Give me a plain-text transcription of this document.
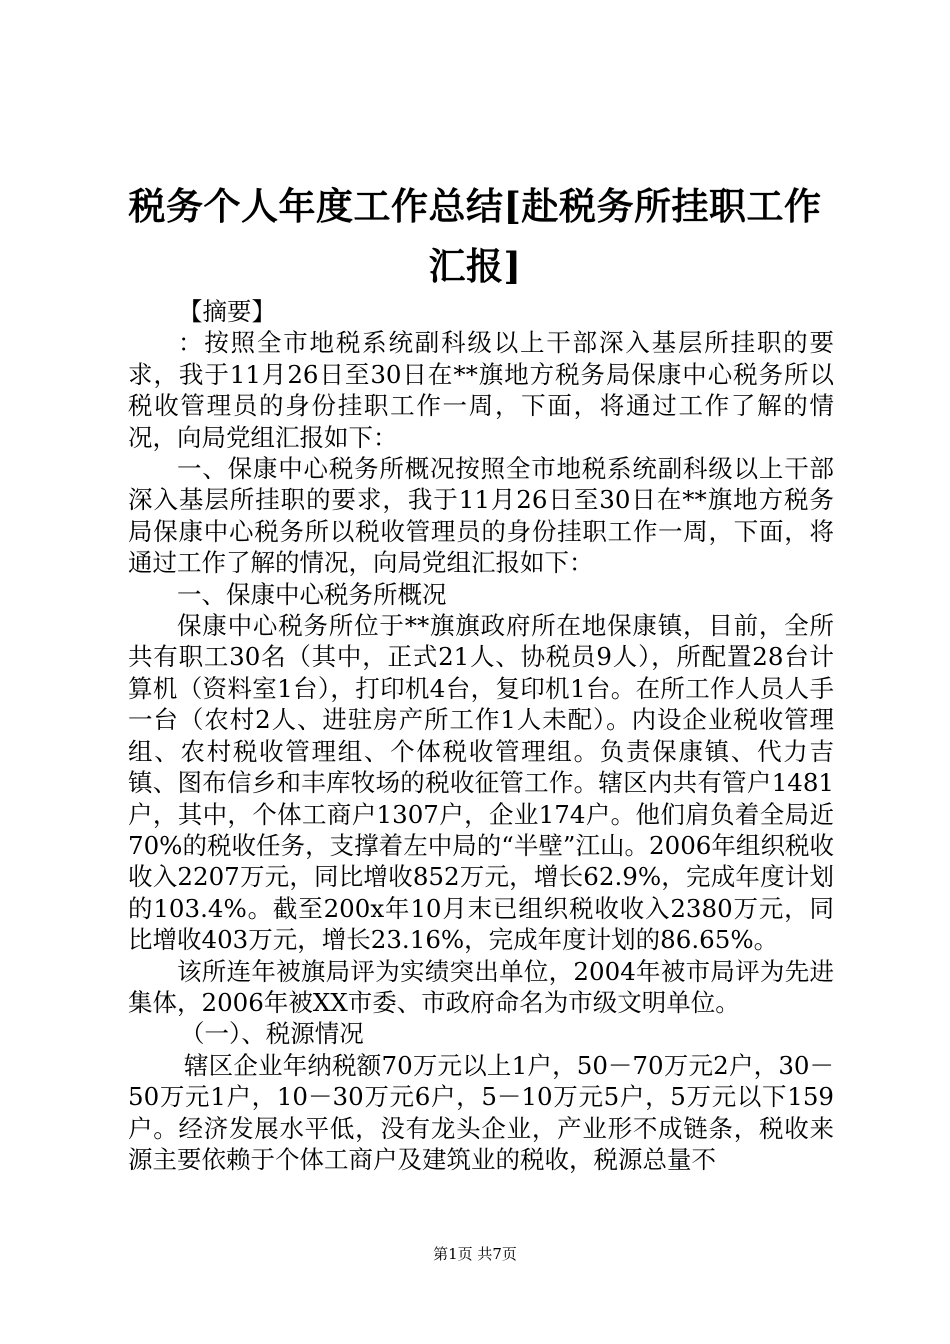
税务个人年度工作总结[赴税务所挂职工作汇报]

【摘要】

：按照全市地税系统副科级以上干部深入基层所挂职的要求，我于11月26日至30日在**旗地方税务局保康中心税务所以税收管理员的身份挂职工作一周，下面，将通过工作了解的情况，向局党组汇报如下：

一、保康中心税务所概况按照全市地税系统副科级以上干部深入基层所挂职的要求，我于11月26日至30日在**旗地方税务局保康中心税务所以税收管理员的身份挂职工作一周，下面，将通过工作了解的情况，向局党组汇报如下：

一、保康中心税务所概况

保康中心税务所位于**旗旗政府所在地保康镇，目前，全所共有职工30名（其中，正式21人、协税员9人），所配置28台计算机（资料室1台），打印机4台，复印机1台。在所工作人员人手一台（农村2人、进驻房产所工作1人未配）。内设企业税收管理组、农村税收管理组、个体税收管理组。负责保康镇、代力吉镇、图布信乡和丰库牧场的税收征管工作。辖区内共有管户1481户，其中，个体工商户1307户，企业174户。他们肩负着全局近70%的税收任务，支撑着左中局的“半壁”江山。2006年组织税收收入2207万元，同比增收852万元，增长62.9%，完成年度计划的103.4%。截至200x年10月末已组织税收收入2380万元，同比增收403万元，增长23.16%，完成年度计划的86.65%。

该所连年被旗局评为实绩突出单位，2004年被市局评为先进集体，2006年被XX市委、市政府命名为市级文明单位。

（一）、税源情况

辖区企业年纳税额70万元以上1户，50－70万元2户，30－50万元1户，10－30万元6户，5－10万元5户，5万元以下159户。经济发展水平低，没有龙头企业，产业形不成链条，税收来源主要依赖于个体工商户及建筑业的税收，税源总量不

第1页 共7页
